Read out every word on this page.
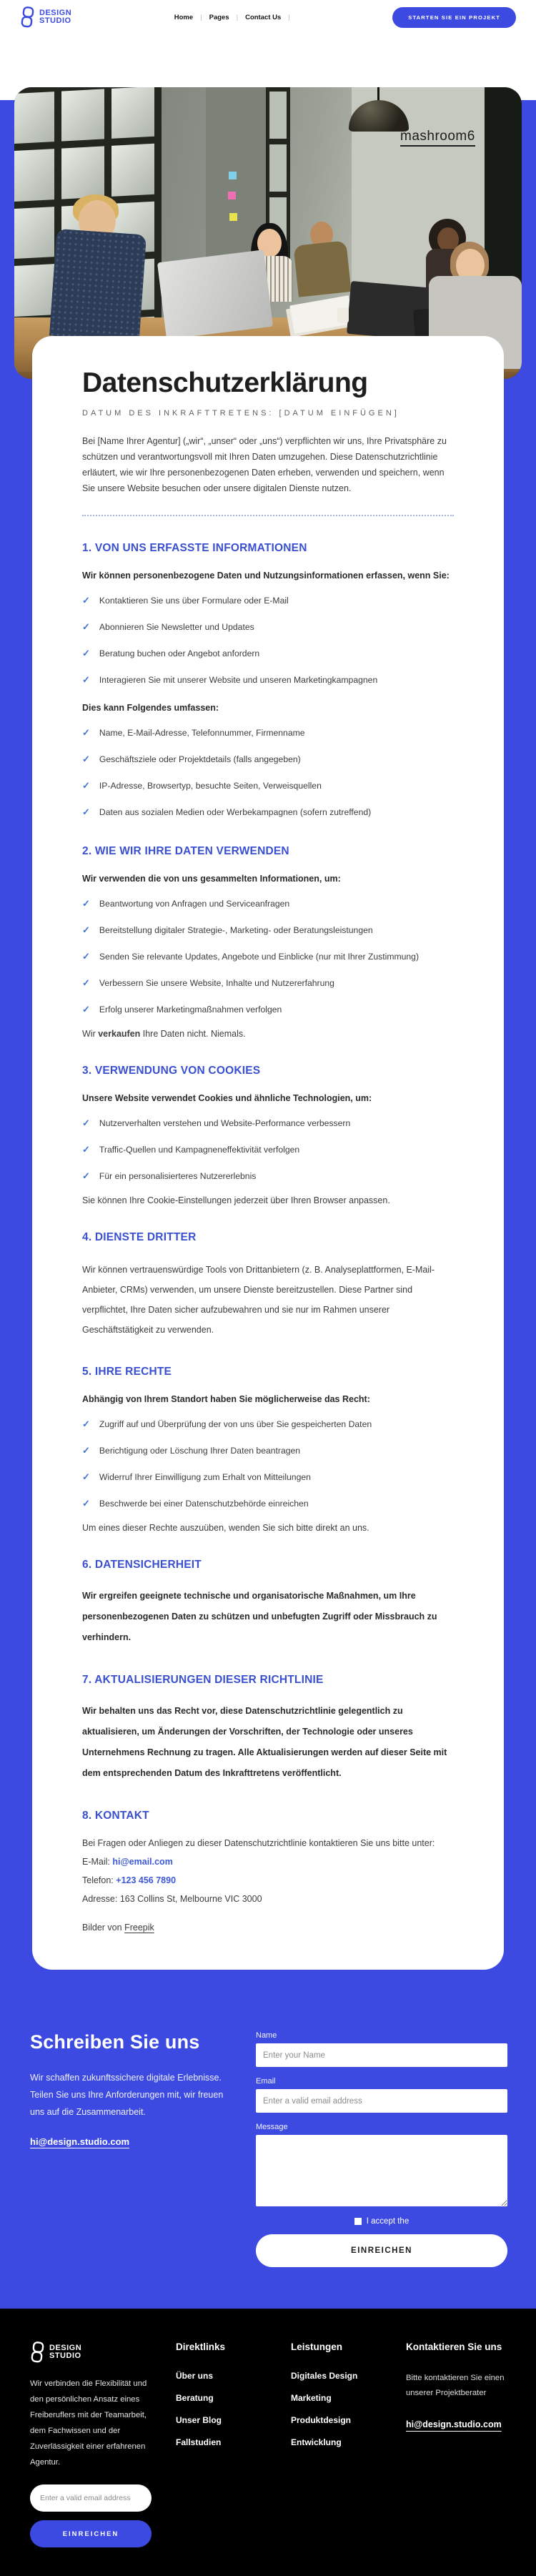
DESIGN
STUDIO	Home | Pages | Contact Us |	STARTEN SIE EIN PROJEKT
mashroom6
Datenschutzerklärung
DATUM DES INKRAFTTRETENS: [DATUM EINFÜGEN]

Bei [Name Ihrer Agentur] („wir“, „unser“ oder „uns“) verpflichten wir uns, Ihre Privatsphäre zu schützen und verantwortungsvoll mit Ihren Daten umzugehen. Diese Datenschutzrichtlinie erläutert, wie wir Ihre personenbezogenen Daten erheben, verwenden und speichern, wenn Sie unsere Website besuchen oder unsere digitalen Dienste nutzen.

1. VON UNS ERFASSTE INFORMATIONEN

Wir können personenbezogene Daten und Nutzungsinformationen erfassen, wenn Sie:

✓ Kontaktieren Sie uns über Formulare oder E-Mail
✓ Abonnieren Sie Newsletter und Updates
✓ Beratung buchen oder Angebot anfordern
✓ Interagieren Sie mit unserer Website und unseren Marketingkampagnen

Dies kann Folgendes umfassen:

✓ Name, E-Mail-Adresse, Telefonnummer, Firmenname
✓ Geschäftsziele oder Projektdetails (falls angegeben)
✓ IP-Adresse, Browsertyp, besuchte Seiten, Verweisquellen
✓ Daten aus sozialen Medien oder Werbekampagnen (sofern zutreffend)
2. WIE WIR IHRE DATEN VERWENDEN

Wir verwenden die von uns gesammelten Informationen, um:

✓ Beantwortung von Anfragen und Serviceanfragen
✓ Bereitstellung digitaler Strategie-, Marketing- oder Beratungsleistungen
✓ Senden Sie relevante Updates, Angebote und Einblicke (nur mit Ihrer Zustimmung)
✓ Verbessern Sie unsere Website, Inhalte und Nutzererfahrung
✓ Erfolg unserer Marketingmaßnahmen verfolgen

Wir verkaufen Ihre Daten nicht. Niemals.

3. VERWENDUNG VON COOKIES

Unsere Website verwendet Cookies und ähnliche Technologien, um:

✓ Nutzerverhalten verstehen und Website-Performance verbessern
✓ Traffic-Quellen und Kampagneneffektivität verfolgen
✓ Für ein personalisierteres Nutzererlebnis

Sie können Ihre Cookie-Einstellungen jederzeit über Ihren Browser anpassen.

4. DIENSTE DRITTER

Wir können vertrauenswürdige Tools von Drittanbietern (z. B. Analyseplattformen, E-Mail-Anbieter, CRMs) verwenden, um unsere Dienste bereitzustellen. Diese Partner sind verpflichtet, Ihre Daten sicher aufzubewahren und sie nur im Rahmen unserer Geschäftstätigkeit zu verwenden.

5. IHRE RECHTE

Abhängig von Ihrem Standort haben Sie möglicherweise das Recht:

✓ Zugriff auf und Überprüfung der von uns über Sie gespeicherten Daten
✓ Berichtigung oder Löschung Ihrer Daten beantragen
✓ Widerruf Ihrer Einwilligung zum Erhalt von Mitteilungen
✓ Beschwerde bei einer Datenschutzbehörde einreichen

Um eines dieser Rechte auszuüben, wenden Sie sich bitte direkt an uns.

6. DATENSICHERHEIT

Wir ergreifen geeignete technische und organisatorische Maßnahmen, um Ihre personenbezogenen Daten zu schützen und unbefugten Zugriff oder Missbrauch zu verhindern.

7. AKTUALISIERUNGEN DIESER RICHTLINIE

Wir behalten uns das Recht vor, diese Datenschutzrichtlinie gelegentlich zu aktualisieren, um Änderungen der Vorschriften, der Technologie oder unseres Unternehmens Rechnung zu tragen. Alle Aktualisierungen werden auf dieser Seite mit dem entsprechenden Datum des Inkrafttretens veröffentlicht.

8. KONTAKT

Bei Fragen oder Anliegen zu dieser Datenschutzrichtlinie kontaktieren Sie uns bitte unter:

E-Mail: hi@email.com

Telefon: +123 456 7890

Adresse: 163 Collins St, Melbourne VIC 3000

Bilder von Freepik

Schreiben Sie uns

Wir schaffen zukunftssichere digitale Erlebnisse. Teilen Sie uns Ihre Anforderungen mit, wir freuen uns auf die Zusammenarbeit.

hi@design.studio.com
Name
Enter your Name
Email
Enter a valid email address
Message
I accept the
EINREICHEN
DESIGN
STUDIO

Wir verbinden die Flexibilität und den persönlichen Ansatz eines Freiberuflers mit der Teamarbeit, dem Fachwissen und der Zuverlässigkeit einer erfahrenen Agentur.

Enter a valid email address EINREICHEN
Direktlinks
Über uns
Beratung
Unser Blog
Fallstudien
Leistungen
Digitales Design
Marketing
Produktdesign
Entwicklung
Kontaktieren Sie uns

Bitte kontaktieren Sie einen unserer Projektberater

hi@design.studio.com
